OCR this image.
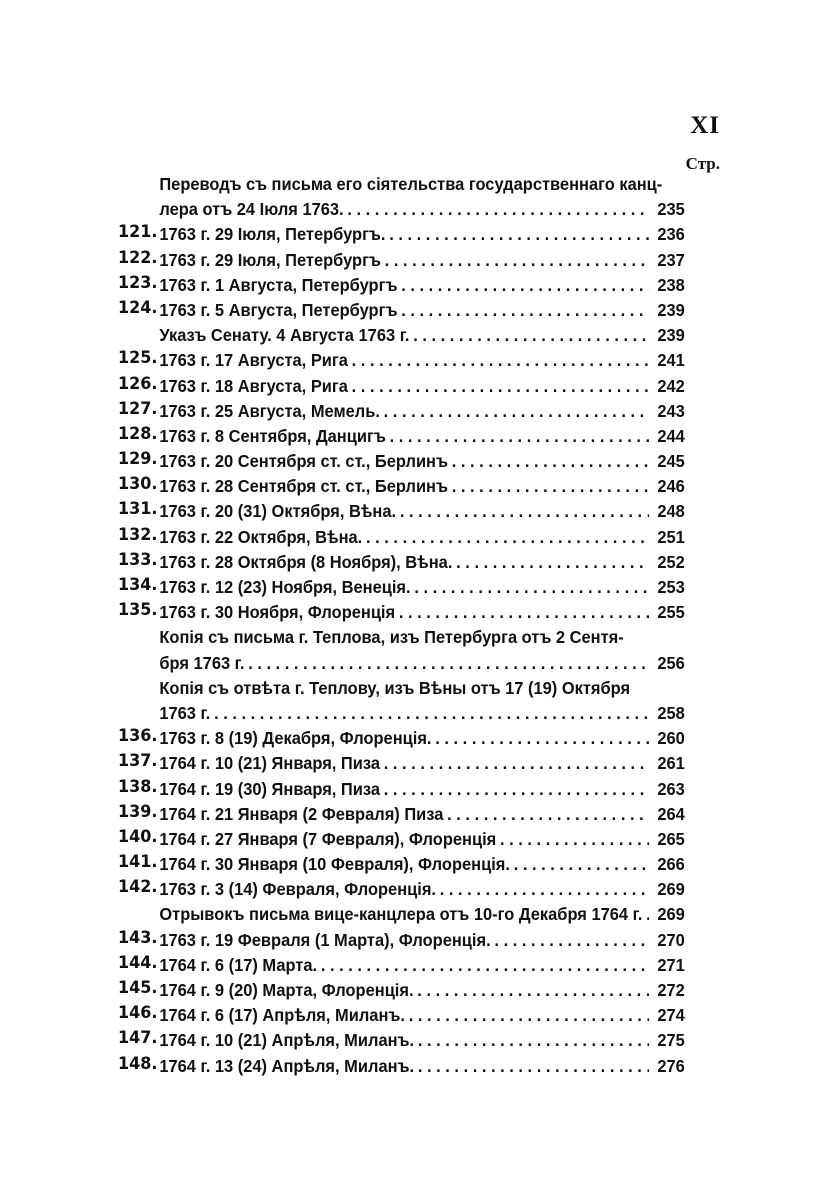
XI
Стр.
Переводъ съ письма его сіятельства государственнаго канц-
лера отъ 24 Іюля 1763. . . .	235
121. 1763 г. 29 Іюля, Петербургъ. . . .	236
122. 1763 г. 29 Іюля, Петербургъ . . .	237
123. 1763 г. 1 Августа, Петербургъ . . .	238
124. 1763 г. 5 Августа, Петербургъ . . .	239
Указъ Сенату. 4 Августа 1763 г. . . .	239
125. 1763 г. 17 Августа, Рига . . .	241
126. 1763 г. 18 Августа, Рига . . .	242
127. 1763 г. 25 Августа, Мемель. . . .	243
128. 1763 г. 8 Сентября, Данцигъ . . .	244
129. 1763 г. 20 Сентября ст. ст., Берлинъ . . .	245
130. 1763 г. 28 Сентября ст. ст., Берлинъ . . .	246
131. 1763 г. 20 (31) Октября, Вѣна. . . .	248
132. 1763 г. 22 Октября, Вѣна. . . .	251
133. 1763 г. 28 Октября (8 Ноября), Вѣна. . . .	252
134. 1763 г. 12 (23) Ноября, Венеція. . . .	253
135. 1763 г. 30 Ноября, Флоренція . . .	255
Копія съ письма г. Теплова, изъ Петербурга отъ 2 Сентя-
бря 1763 г. . . .	256
Копія съ отвѣта г. Теплову, изъ Вѣны отъ 17 (19) Октября
1763 г. . . .	258
136. 1763 г. 8 (19) Декабря, Флоренція. . . .	260
137. 1764 г. 10 (21) Января, Пиза . . .	261
138. 1764 г. 19 (30) Января, Пиза . . .	263
139. 1764 г. 21 Января (2 Февраля) Пиза . . .	264
140. 1764 г. 27 Января (7 Февраля), Флоренція . . .	265
141. 1764 г. 30 Января (10 Февраля), Флоренція. . . .	266
142. 1763 г. 3 (14) Февраля, Флоренція. . . .	269
Отрывокъ письма вице-канцлера отъ 10-го Декабря 1764 г. . . . 269
143. 1763 г. 19 Февраля (1 Марта), Флоренція. . . .	270
144. 1764 г. 6 (17) Марта. . . .	271
145. 1764 г. 9 (20) Марта, Флоренція. . . .	272
146. 1764 г. 6 (17) Апрѣля, Миланъ. . . .	274
147. 1764 г. 10 (21) Апрѣля, Миланъ. . . .	275
148. 1764 г. 13 (24) Апрѣля, Миланъ. . . .	276
